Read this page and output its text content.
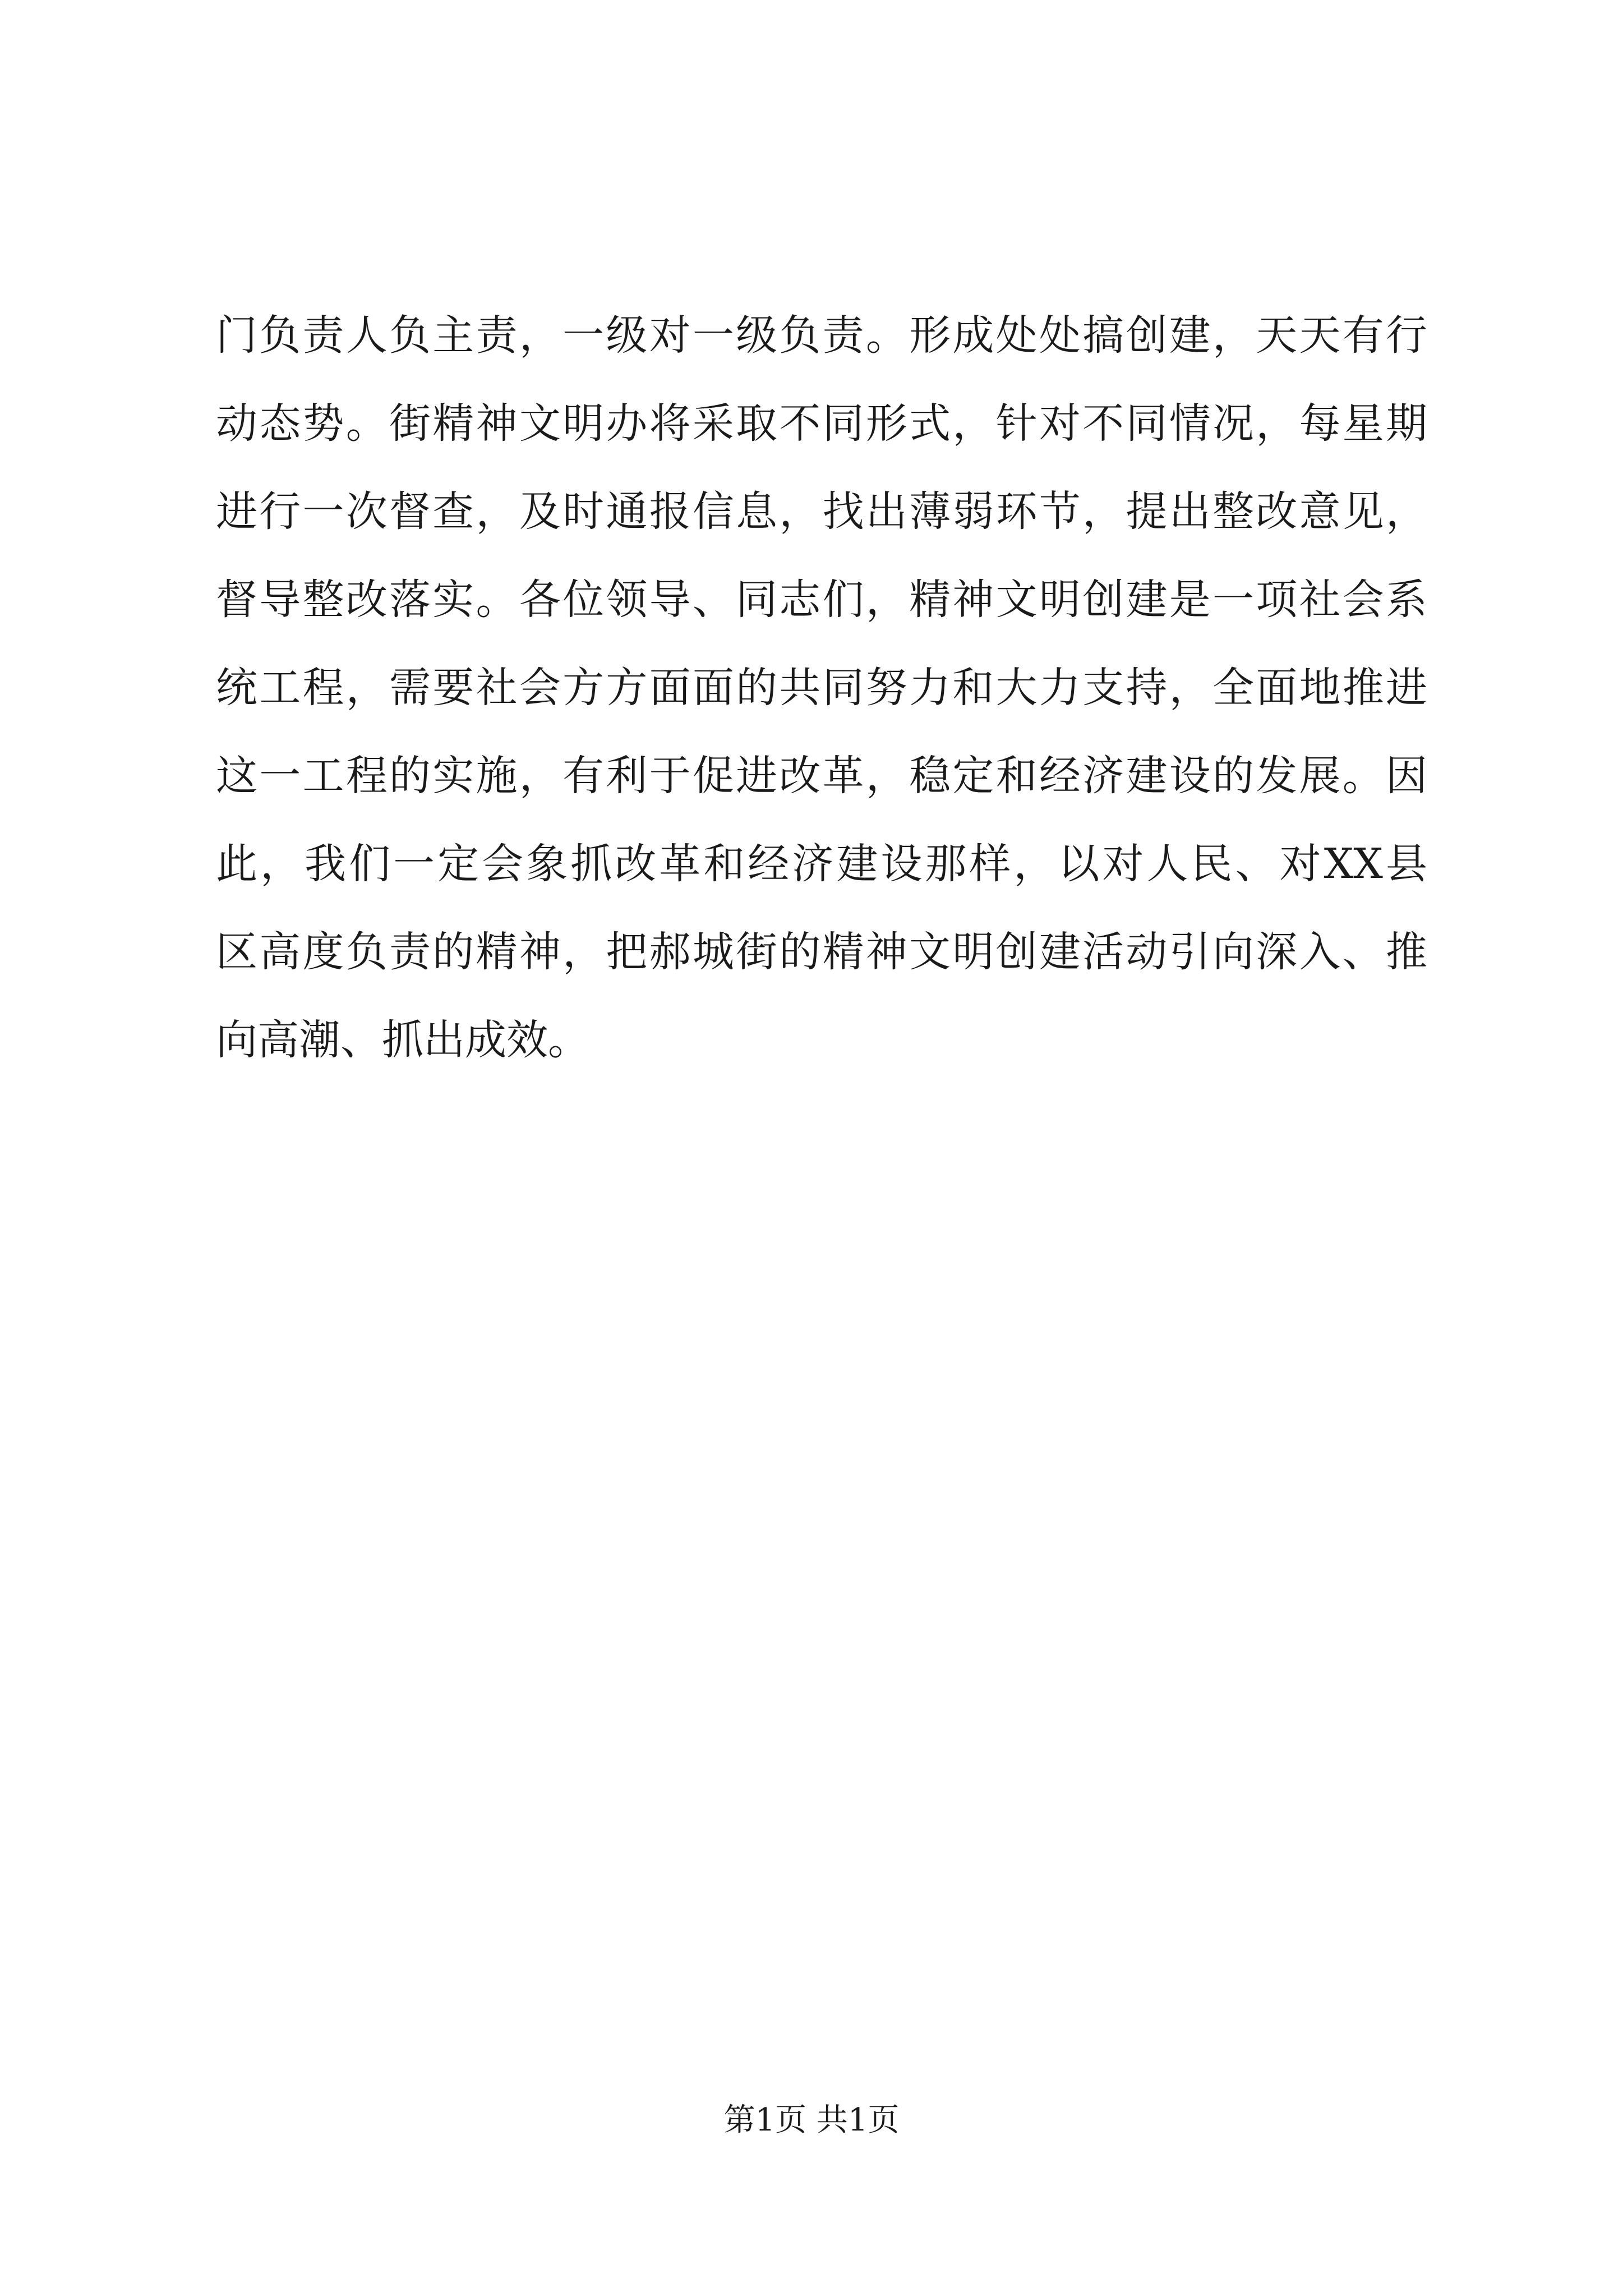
门负责人负主责，一级对一级负责。形成处处搞创建，天天有行
动态势。街精神文明办将采取不同形式，针对不同情况，每星期
进行一次督查，及时通报信息，找出薄弱环节，提出整改意见，
督导整改落实。各位领导、同志们，精神文明创建是一项社会系
统工程，需要社会方方面面的共同努力和大力支持，全面地推进
这一工程的实施，有利于促进改革，稳定和经济建设的发展。因
此，我们一定会象抓改革和经济建设那样，以对人民、对XX县
区高度负责的精神，把郝城街的精神文明创建活动引向深入、推
向高潮、抓出成效。
第1页 共1页
